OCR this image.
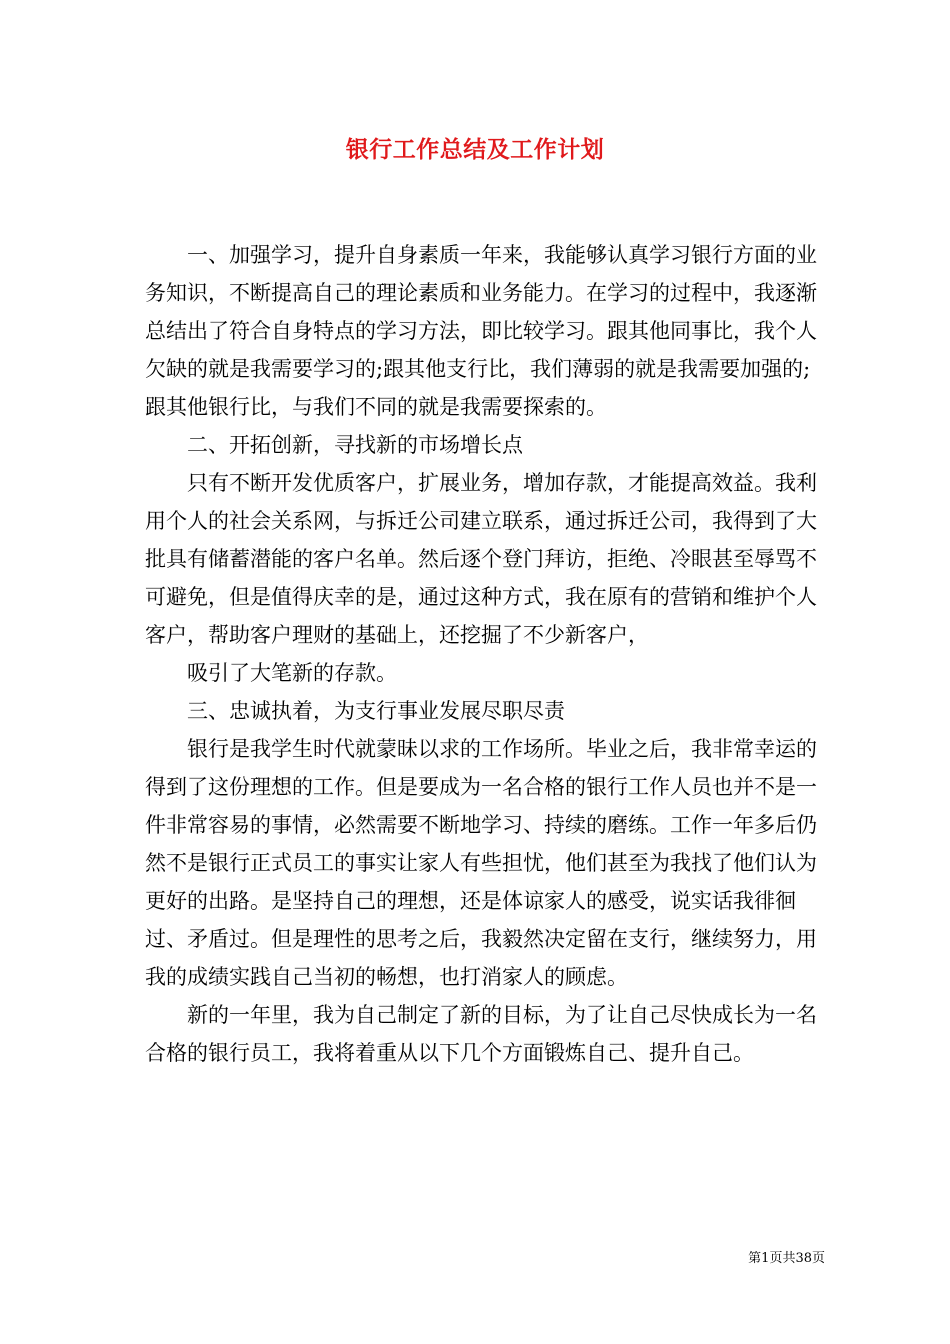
银行工作总结及工作计划

一、加强学习，提升自身素质一年来，我能够认真学习银行方面的业务知识，不断提高自己的理论素质和业务能力。在学习的过程中，我逐渐总结出了符合自身特点的学习方法，即比较学习。跟其他同事比，我个人欠缺的就是我需要学习的;跟其他支行比，我们薄弱的就是我需要加强的;跟其他银行比，与我们不同的就是我需要探索的。

二、开拓创新，寻找新的市场增长点

只有不断开发优质客户，扩展业务，增加存款，才能提高效益。我利用个人的社会关系网，与拆迁公司建立联系，通过拆迁公司，我得到了大批具有储蓄潜能的客户名单。然后逐个登门拜访，拒绝、冷眼甚至辱骂不可避免，但是值得庆幸的是，通过这种方式，我在原有的营销和维护个人客户，帮助客户理财的基础上，还挖掘了不少新客户，

吸引了大笔新的存款。

三、忠诚执着，为支行事业发展尽职尽责

银行是我学生时代就蒙昧以求的工作场所。毕业之后，我非常幸运的得到了这份理想的工作。但是要成为一名合格的银行工作人员也并不是一件非常容易的事情，必然需要不断地学习、持续的磨练。工作一年多后仍然不是银行正式员工的事实让家人有些担忧，他们甚至为我找了他们认为更好的出路。是坚持自己的理想，还是体谅家人的感受，说实话我徘徊过、矛盾过。但是理性的思考之后，我毅然决定留在支行，继续努力，用我的成绩实践自己当初的畅想，也打消家人的顾虑。

新的一年里，我为自己制定了新的目标，为了让自己尽快成长为一名合格的银行员工，我将着重从以下几个方面锻炼自己、提升自己。

第1页共38页
